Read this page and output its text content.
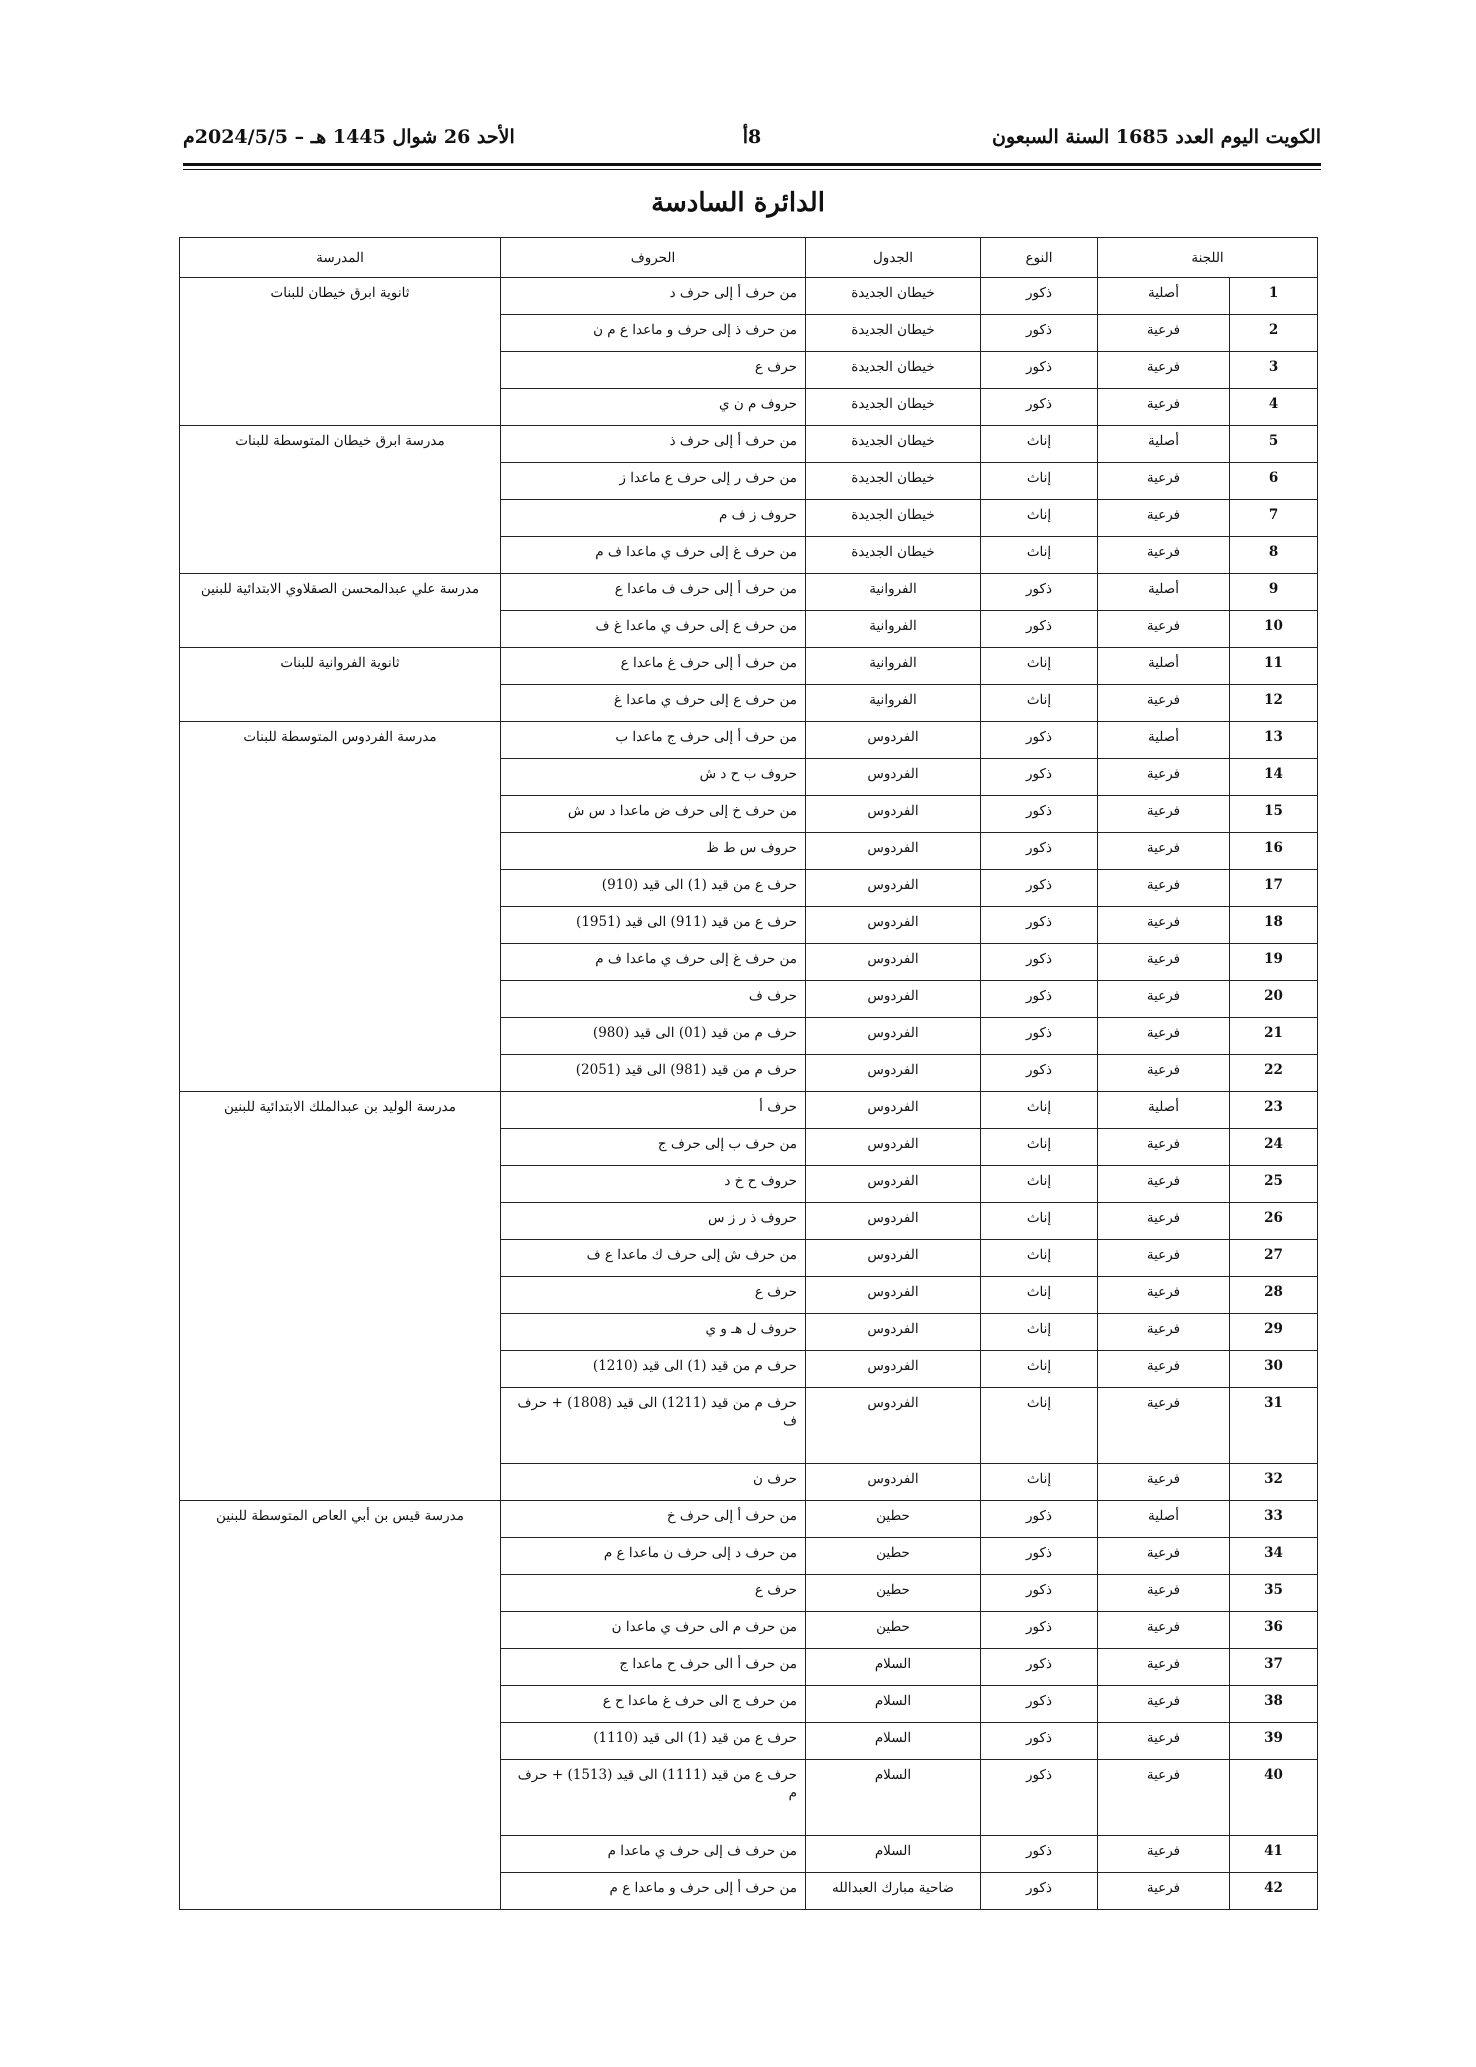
الكويت اليوم العدد 1685 السنة السبعون
8أ
الأحد 26 شوال 1445 هـ – 2024/5/5م
الدائرة السادسة
اللجنة		النوع	الجدول	الحروف	المدرسة
1	أصلية	ذكور	خيطان الجديدة	من حرف أ إلى حرف د	ثانوية ابرق خيطان للبنات
2	فرعية	ذكور	خيطان الجديدة	من حرف ذ إلى حرف و ماعدا ع م ن	
3	فرعية	ذكور	خيطان الجديدة	حرف ع	
4	فرعية	ذكور	خيطان الجديدة	حروف م ن ي	
5	أصلية	إناث	خيطان الجديدة	من حرف أ إلى حرف ذ	مدرسة ابرق خيطان المتوسطة للبنات
6	فرعية	إناث	خيطان الجديدة	من حرف ر إلى حرف ع ماعدا ز	
7	فرعية	إناث	خيطان الجديدة	حروف ز ف م	
8	فرعية	إناث	خيطان الجديدة	من حرف غ إلى حرف ي ماعدا ف م	
9	أصلية	ذكور	الفروانية	من حرف أ إلى حرف ف ماعدا ع	مدرسة علي عبدالمحسن الصقلاوي الابتدائية للبنين
10	فرعية	ذكور	الفروانية	من حرف ع إلى حرف ي ماعدا غ ف	
11	أصلية	إناث	الفروانية	من حرف أ إلى حرف غ ماعدا ع	ثانوية الفروانية للبنات
12	فرعية	إناث	الفروانية	من حرف ع إلى حرف ي ماعدا غ	
13	أصلية	ذكور	الفردوس	من حرف أ إلى حرف ج ماعدا ب	مدرسة الفردوس المتوسطة للبنات
14	فرعية	ذكور	الفردوس	حروف ب ح د ش	
15	فرعية	ذكور	الفردوس	من حرف خ إلى حرف ض ماعدا د س ش	
16	فرعية	ذكور	الفردوس	حروف س ط ظ	
17	فرعية	ذكور	الفردوس	حرف ع من قيد (1) الى قيد (910)	
18	فرعية	ذكور	الفردوس	حرف ع من قيد (911) الى قيد (1951)	
19	فرعية	ذكور	الفردوس	من حرف غ إلى حرف ي ماعدا ف م	
20	فرعية	ذكور	الفردوس	حرف ف	
21	فرعية	ذكور	الفردوس	حرف م من قيد (01) الى قيد (980)	
22	فرعية	ذكور	الفردوس	حرف م من قيد (981) الى قيد (2051)	
23	أصلية	إناث	الفردوس	حرف أ	مدرسة الوليد بن عبدالملك الابتدائية للبنين
24	فرعية	إناث	الفردوس	من حرف ب إلى حرف ج	
25	فرعية	إناث	الفردوس	حروف ح خ د	
26	فرعية	إناث	الفردوس	حروف ذ ر ز س	
27	فرعية	إناث	الفردوس	من حرف ش إلى حرف ك ماعدا ع ف	
28	فرعية	إناث	الفردوس	حرف ع	
29	فرعية	إناث	الفردوس	حروف ل هـ و ي	
30	فرعية	إناث	الفردوس	حرف م من قيد (1) الى قيد (1210)	
31	فرعية	إناث	الفردوس	حرف م من قيد (1211) الى قيد (1808) + حرف ف	
32	فرعية	إناث	الفردوس	حرف ن	
33	أصلية	ذكور	حطين	من حرف أ إلى حرف خ	مدرسة قيس بن أبي العاص المتوسطة للبنين
34	فرعية	ذكور	حطين	من حرف د إلى حرف ن ماعدا ع م	
35	فرعية	ذكور	حطين	حرف ع	
36	فرعية	ذكور	حطين	من حرف م الى حرف ي ماعدا ن	
37	فرعية	ذكور	السلام	من حرف أ الى حرف ح ماعدا ج	
38	فرعية	ذكور	السلام	من حرف ج الى حرف غ ماعدا ح ع	
39	فرعية	ذكور	السلام	حرف ع من قيد (1) الى قيد (1110)	
40	فرعية	ذكور	السلام	حرف ع من قيد (1111) الى قيد (1513) + حرف م	
41	فرعية	ذكور	السلام	من حرف ف إلى حرف ي ماعدا م	
42	فرعية	ذكور	ضاحية مبارك العبدالله	من حرف أ إلى حرف و ماعدا ع م	
